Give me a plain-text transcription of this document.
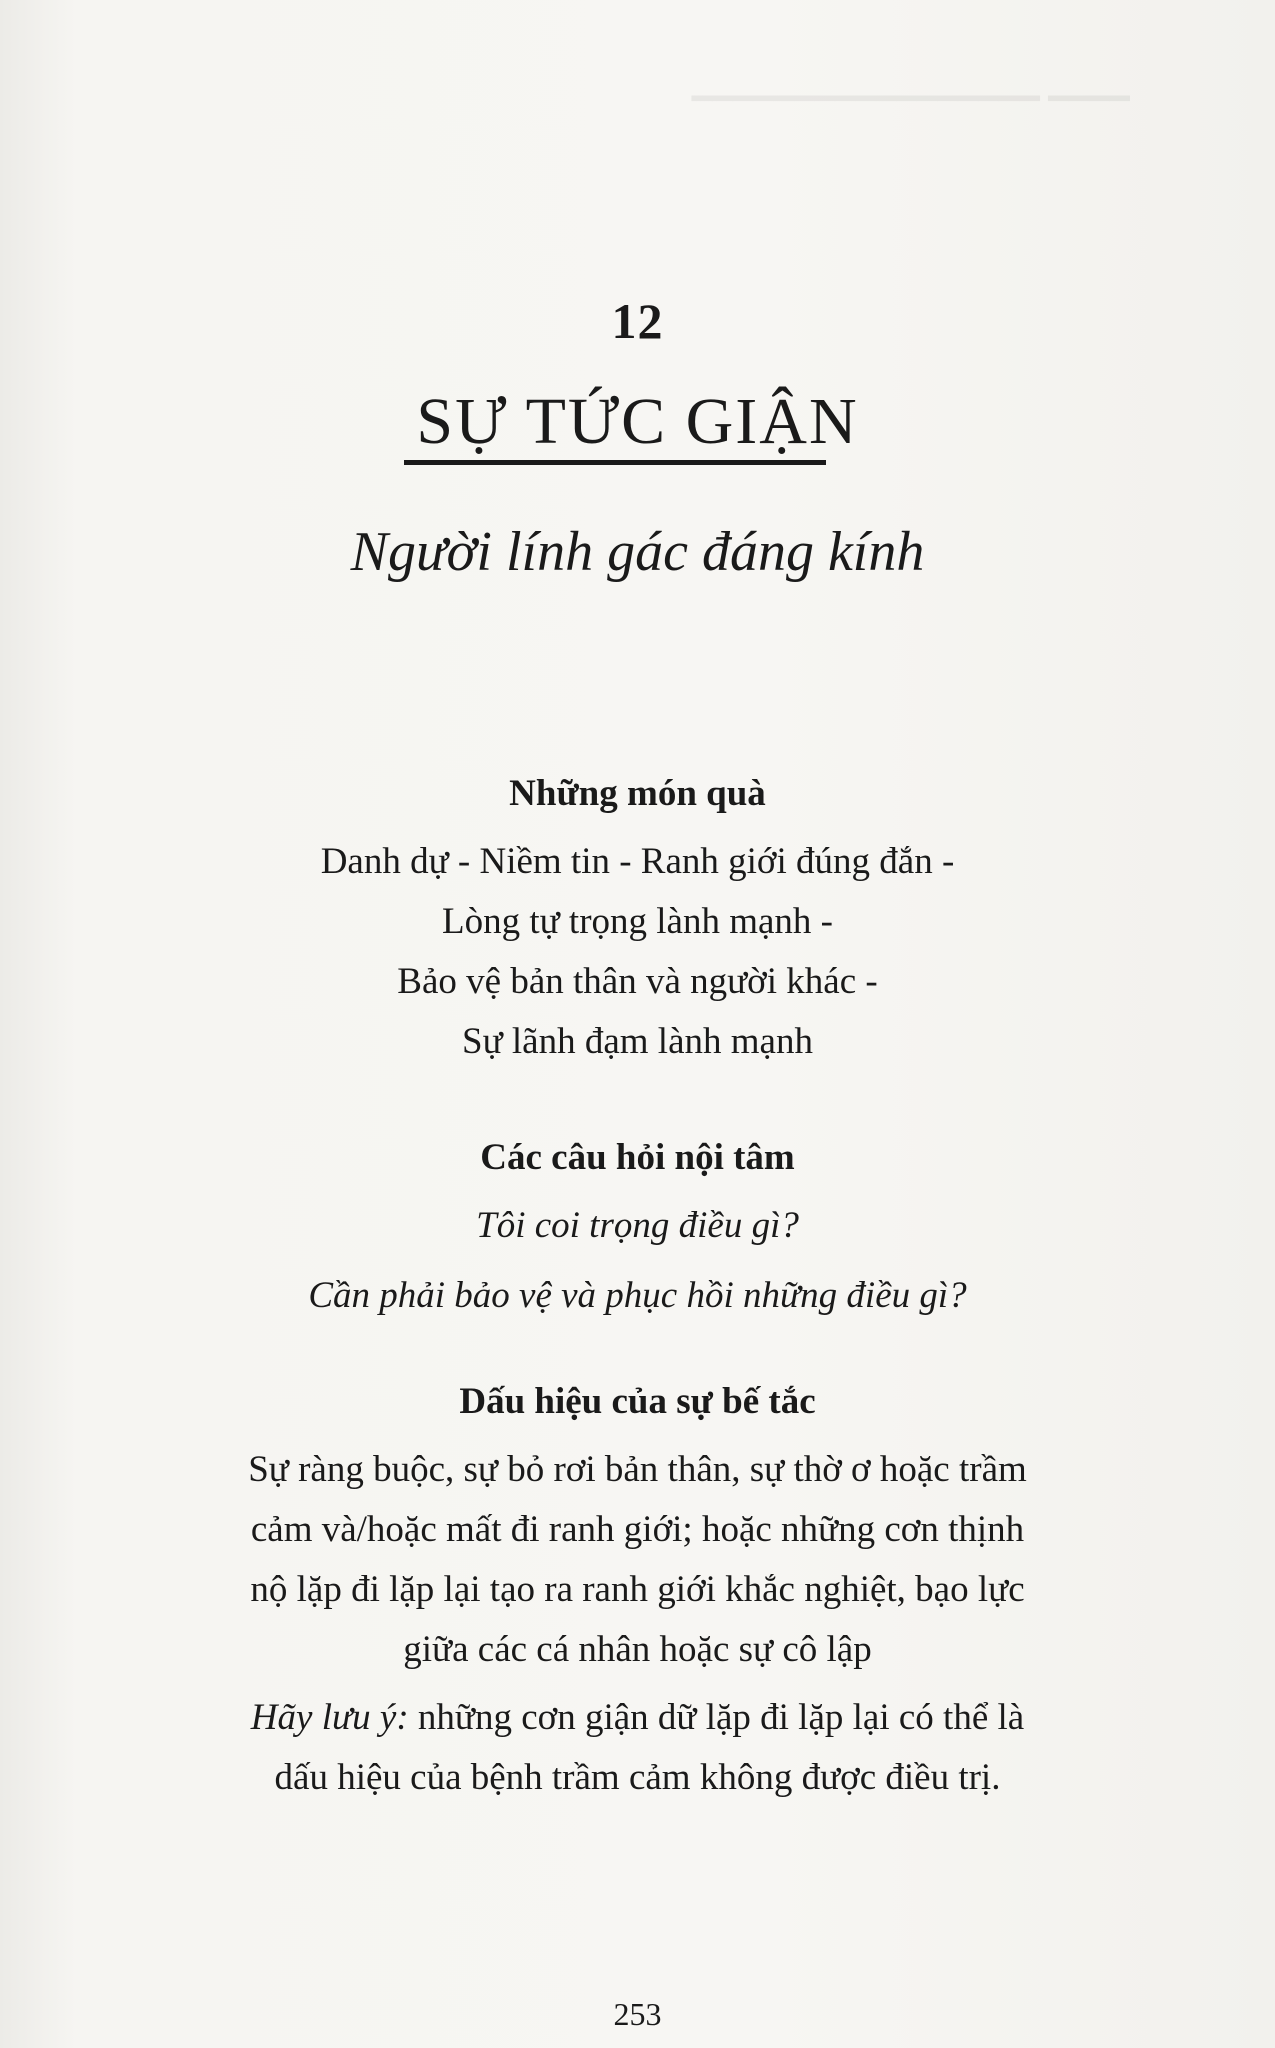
━━━━ ━━━━━━━━━━━━━━━━━
12
SỰ TỨC GIẬN
Người lính gác đáng kính
Những món quà
Danh dự - Niềm tin - Ranh giới đúng đắn -
Lòng tự trọng lành mạnh -
Bảo vệ bản thân và người khác -
Sự lãnh đạm lành mạnh
Các câu hỏi nội tâm
Tôi coi trọng điều gì?
Cần phải bảo vệ và phục hồi những điều gì?
Dấu hiệu của sự bế tắc
Sự ràng buộc, sự bỏ rơi bản thân, sự thờ ơ hoặc trầm
cảm và/hoặc mất đi ranh giới; hoặc những cơn thịnh
nộ lặp đi lặp lại tạo ra ranh giới khắc nghiệt, bạo lực
giữa các cá nhân hoặc sự cô lập
Hãy lưu ý: những cơn giận dữ lặp đi lặp lại có thể là
dấu hiệu của bệnh trầm cảm không được điều trị.
253
